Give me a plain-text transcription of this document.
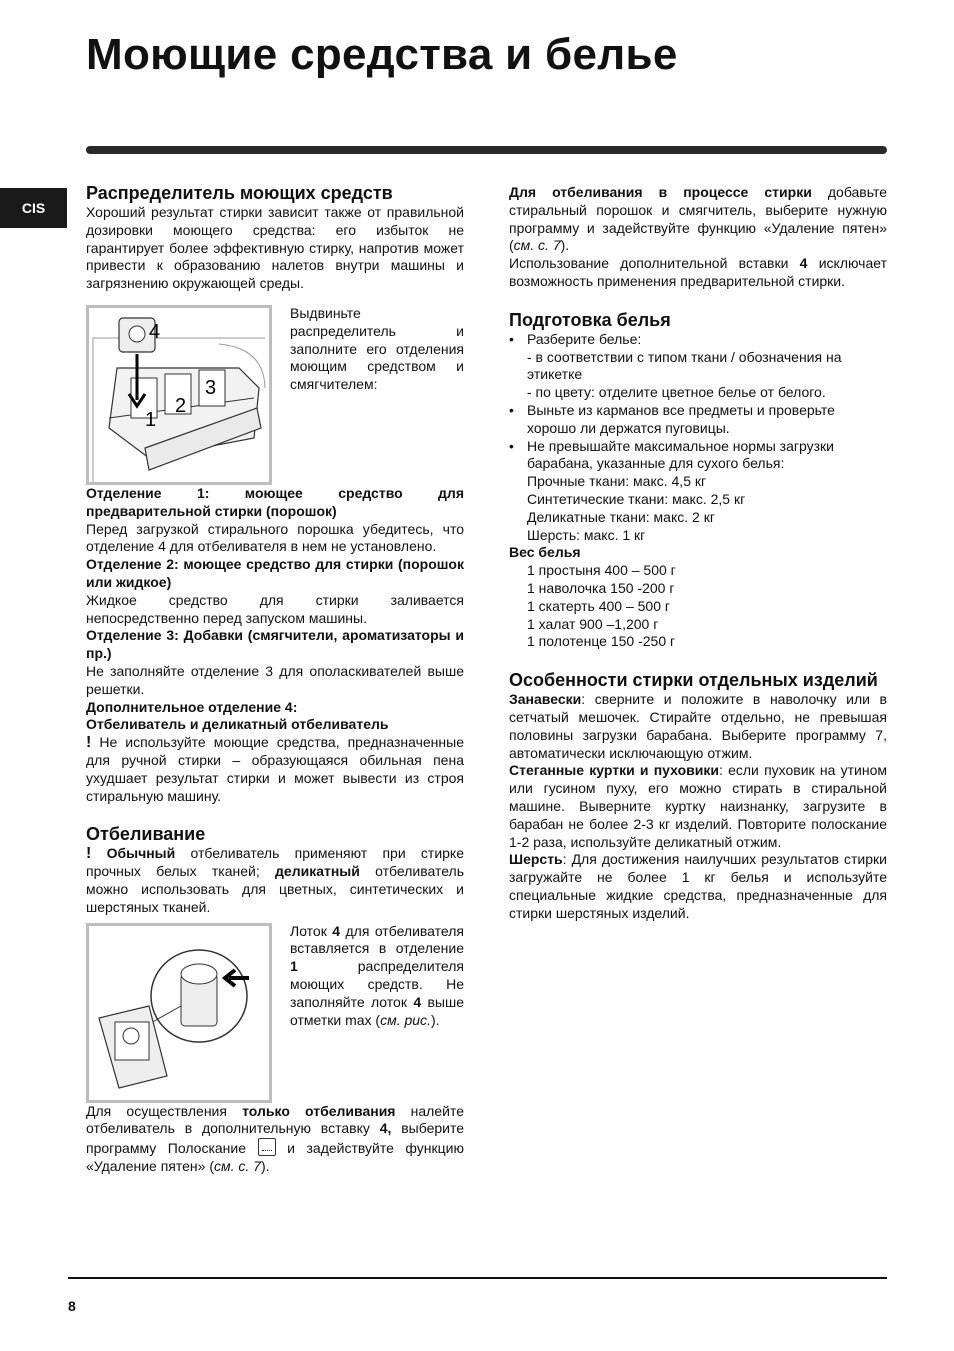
Моющие средства и белье
CIS
Распределитель моющих средств

Хороший результат стирки зависит также от правильной дозировки моющего средства: его избыток не гарантирует более эффективную стирку, напротив может привести к образованию налетов внутри машины и загрязнению окружающей среды.

4
1
2
3

Выдвиньте распределитель и заполните его отделения моющим средством и смягчителем:

Отделение 1: моющее средство для предварительной стирки (порошок)

Перед загрузкой стирального порошка убедитесь, что отделение 4 для отбеливателя в нем не установлено.

Отделение 2: моющее средство для стирки (порошок или жидкое)

Жидкое средство для стирки заливается непосредственно перед запуском машины.

Отделение 3: Добавки (смягчители, ароматизаторы и пр.)

Не заполняйте отделение 3 для ополаскивателей выше решетки.

Дополнительное отделение 4:

Отбеливатель и деликатный отбеливатель

! Не используйте моющие средства, предназначенные для ручной стирки – образующаяся обильная пена ухудшает результат стирки и может вывести из строя стиральную машину.

Отбеливание

! Обычный отбеливатель применяют при стирке прочных белых тканей; деликатный отбеливатель можно использовать для цветных, синтетических и шерстяных тканей.

Лоток 4 для отбеливателя вставляется в отделение 1 распределителя моющих средств. Не заполняйте лоток 4 выше отметки max (см. рис.).

Для осуществления только отбеливания налейте отбеливатель в дополнительную вставку 4, выберите программу Полоскание  и задействуйте функцию «Удаление пятен» (см. с. 7).

Для отбеливания в процессе стирки добавьте стиральный порошок и смягчитель, выберите нужную программу и задействуйте функцию «Удаление пятен» (см. с. 7).

Использование дополнительной вставки 4 исключает возможность применения предварительной стирки.

Подготовка белья
• Разберите белье:
- в соответствии с типом ткани / обозначения на этикетке
- по цвету: отделите цветное белье от белого.
• Выньте из карманов все предметы и проверьте хорошо ли держатся пуговицы.
• Не превышайте максимальное нормы загрузки барабана, указанные для сухого белья:
Прочные ткани: макс. 4,5 кг
Синтетические ткани: макс. 2,5 кг
Деликатные ткани: макс. 2 кг
Шерсть: макс. 1 кг

Вес белья

1 простыня 400 – 500 г
1 наволочка 150 -200 г
1 скатерть 400 – 500 г
1 халат 900 –1,200 г
1 полотенце 150 -250 г
Особенности стирки отдельных изделий

Занавески: сверните и положите в наволочку или в сетчатый мешочек. Стирайте отдельно, не превышая половины загрузки барабана. Выберите программу 7, автоматически исключающую отжим.

Стеганные куртки и пуховики: если пуховик на утином или гусином пуху, его можно стирать в стиральной машине. Выверните куртку наизнанку, загрузите в барабан не более 2-3 кг изделий. Повторите полоскание 1-2 раза, используйте деликатный отжим.

Шерсть: Для достижения наилучших результатов стирки загружайте не более 1 кг белья и используйте специальные жидкие средства, предназначенные для стирки шерстяных изделий.

8
